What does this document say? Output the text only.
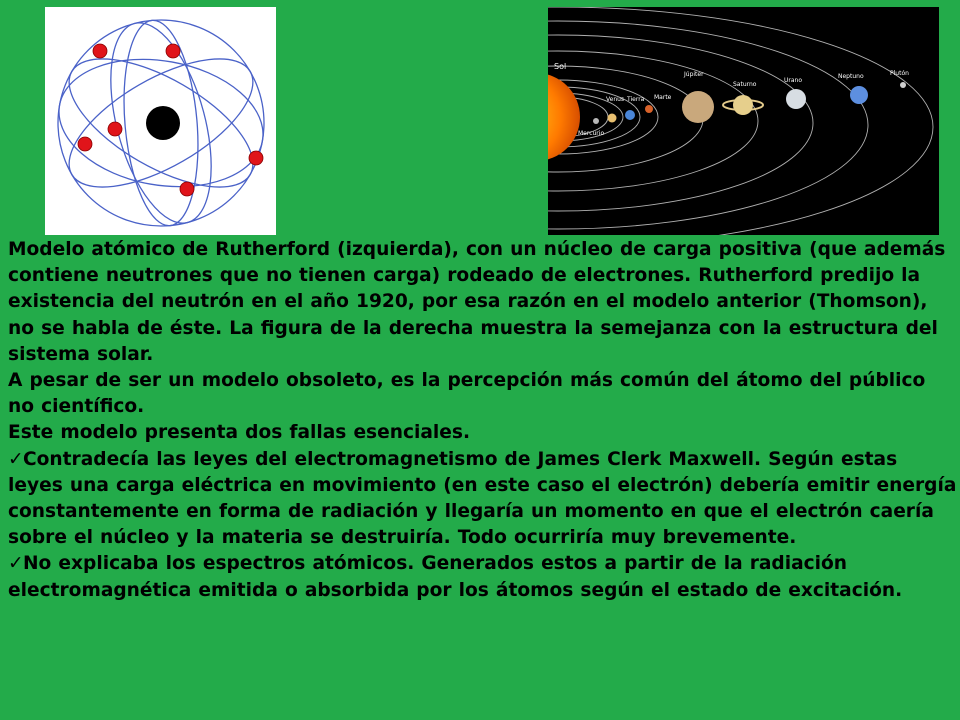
Sol
Mercurio
Venus Tierra Marte
Júpiter
Saturno
Urano
Neptuno	Plutón

Modelo atómico de Rutherford (izquierda), con un núcleo de carga positiva (que además contiene neutrones que no tienen carga) rodeado de electrones. Rutherford predijo la existencia del neutrón en el año 1920, por esa razón en el modelo anterior (Thomson), no se habla de éste. La figura de la derecha muestra la semejanza con la estructura del sistema solar.

A pesar de ser un modelo obsoleto, es la percepción más común del átomo del público no científico.

Este modelo presenta dos fallas esenciales.

✓Contradecía las leyes del electromagnetismo de James Clerk Maxwell. Según estas leyes una carga eléctrica en movimiento (en este caso el electrón) debería emitir energía constantemente en forma de radiación y llegaría un momento en que el electrón caería sobre el núcleo y la materia se destruiría. Todo ocurriría muy brevemente.

✓No explicaba los espectros atómicos. Generados estos a partir de la radiación electromagnética emitida o absorbida por los átomos según el estado de excitación.
